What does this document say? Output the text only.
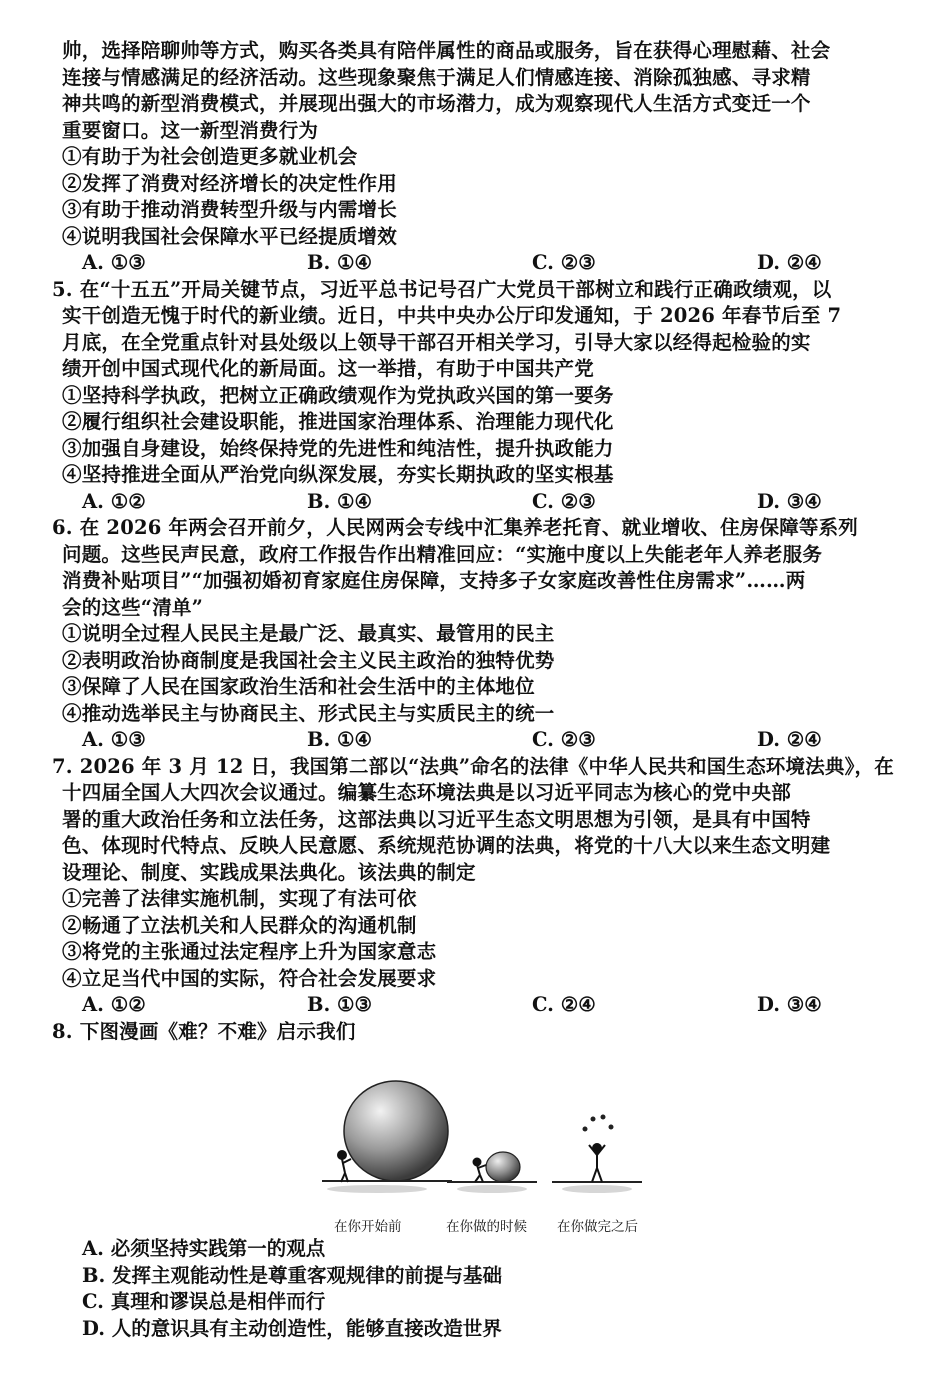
帅，选择陪聊帅等方式，购买各类具有陪伴属性的商品或服务，旨在获得心理慰藉、社会
连接与情感满足的经济活动。这些现象聚焦于满足人们情感连接、消除孤独感、寻求精
神共鸣的新型消费模式，并展现出强大的市场潜力，成为观察现代人生活方式变迁一个
重要窗口。这一新型消费行为
①有助于为社会创造更多就业机会
②发挥了消费对经济增长的决定性作用
③有助于推动消费转型升级与内需增长
④说明我国社会保障水平已经提质增效
A. ①③	B. ①④	C. ②③	D. ②④
5. 在“十五五”开局关键节点，习近平总书记号召广大党员干部树立和践行正确政绩观，以
实干创造无愧于时代的新业绩。近日，中共中央办公厅印发通知，于 2026 年春节后至 7
月底，在全党重点针对县处级以上领导干部召开相关学习，引导大家以经得起检验的实
绩开创中国式现代化的新局面。这一举措，有助于中国共产党
①坚持科学执政，把树立正确政绩观作为党执政兴国的第一要务
②履行组织社会建设职能，推进国家治理体系、治理能力现代化
③加强自身建设，始终保持党的先进性和纯洁性，提升执政能力
④坚持推进全面从严治党向纵深发展，夯实长期执政的坚实根基
A. ①②	B. ①④	C. ②③	D. ③④
6. 在 2026 年两会召开前夕，人民网两会专线中汇集养老托育、就业增收、住房保障等系列
问题。这些民声民意，政府工作报告作出精准回应：“实施中度以上失能老年人养老服务
消费补贴项目”“加强初婚初育家庭住房保障，支持多子女家庭改善性住房需求”……两
会的这些“清单”
①说明全过程人民民主是最广泛、最真实、最管用的民主
②表明政治协商制度是我国社会主义民主政治的独特优势
③保障了人民在国家政治生活和社会生活中的主体地位
④推动选举民主与协商民主、形式民主与实质民主的统一
A. ①③	B. ①④	C. ②③	D. ②④
7. 2026 年 3 月 12 日，我国第二部以“法典”命名的法律《中华人民共和国生态环境法典》，在
十四届全国人大四次会议通过。编纂生态环境法典是以习近平同志为核心的党中央部
署的重大政治任务和立法任务，这部法典以习近平生态文明思想为引领，是具有中国特
色、体现时代特点、反映人民意愿、系统规范协调的法典，将党的十八大以来生态文明建
设理论、制度、实践成果法典化。该法典的制定
①完善了法律实施机制，实现了有法可依
②畅通了立法机关和人民群众的沟通机制
③将党的主张通过法定程序上升为国家意志
④立足当代中国的实际，符合社会发展要求
A. ①②	B. ①③	C. ②④	D. ③④
8. 下图漫画《难？不难》启示我们
在你开始前	在你做的时候 在你做完之后
A. 必须坚持实践第一的观点
B. 发挥主观能动性是尊重客观规律的前提与基础
C. 真理和谬误总是相伴而行
D. 人的意识具有主动创造性，能够直接改造世界
